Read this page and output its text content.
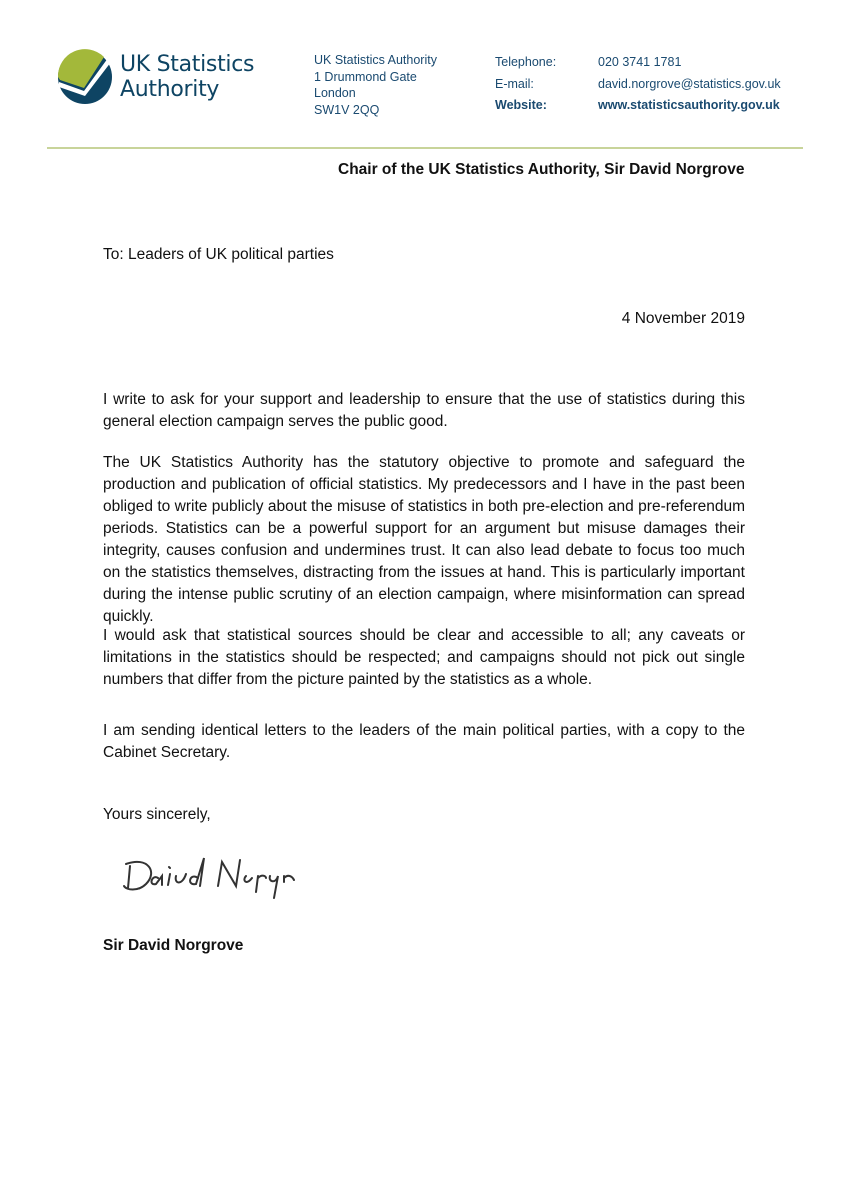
UK Statistics
Authority
UK Statistics Authority
1 Drummond Gate
London
SW1V 2QQ
Telephone:	020 3741 1781
E-mail:	david.norgrove@statistics.gov.uk
Website:	www.statisticsauthority.gov.uk
Chair of the UK Statistics Authority, Sir David Norgrove
To: Leaders of UK political parties
4 November 2019
I write to ask for your support and leadership to ensure that the use of statistics during this general election campaign serves the public good.
The UK Statistics Authority has the statutory objective to promote and safeguard the production and publication of official statistics. My predecessors and I have in the past been obliged to write publicly about the misuse of statistics in both pre-election and pre-referendum periods. Statistics can be a powerful support for an argument but misuse damages their integrity, causes confusion and undermines trust. It can also lead debate to focus too much on the statistics themselves, distracting from the issues at hand. This is particularly important during the intense public scrutiny of an election campaign, where misinformation can spread quickly.
I would ask that statistical sources should be clear and accessible to all; any caveats or limitations in the statistics should be respected; and campaigns should not pick out single numbers that differ from the picture painted by the statistics as a whole.
I am sending identical letters to the leaders of the main political parties, with a copy to the Cabinet Secretary.
Yours sincerely,
Sir David Norgrove
